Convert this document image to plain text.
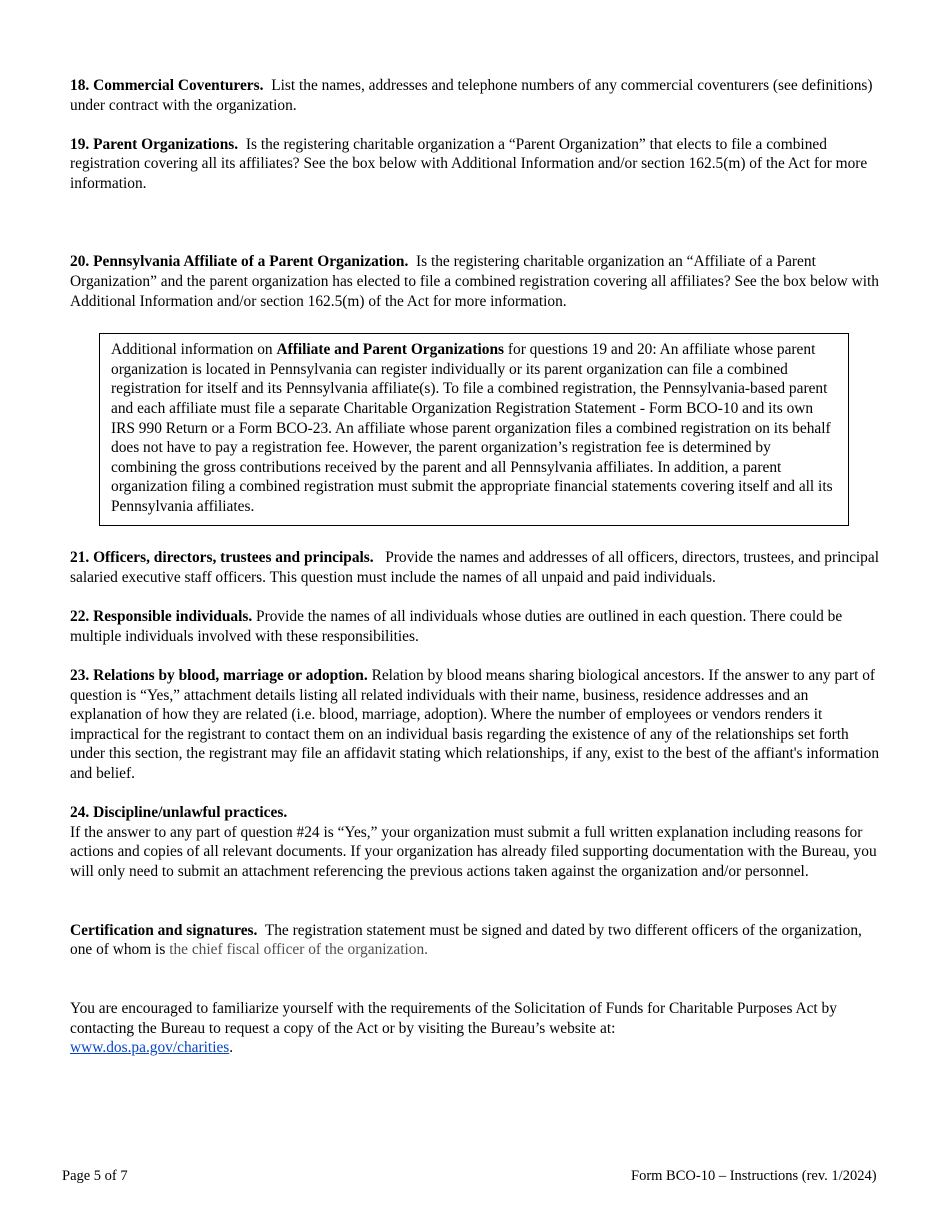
18. Commercial Coventurers. List the names, addresses and telephone numbers of any commercial coventurers (see definitions) under contract with the organization.

19. Parent Organizations. Is the registering charitable organization a “Parent Organization” that elects to file a combined registration covering all its affiliates? See the box below with Additional Information and/or section 162.5(m) of the Act for more information.

20. Pennsylvania Affiliate of a Parent Organization. Is the registering charitable organization an “Affiliate of a Parent Organization” and the parent organization has elected to file a combined registration covering all affiliates? See the box below with Additional Information and/or section 162.5(m) of the Act for more information.

Additional information on Affiliate and Parent Organizations for questions 19 and 20: An affiliate whose parent organization is located in Pennsylvania can register individually or its parent organization can file a combined registration for itself and its Pennsylvania affiliate(s). To file a combined registration, the Pennsylvania-based parent and each affiliate must file a separate Charitable Organization Registration Statement - Form BCO-10 and its own IRS 990 Return or a Form BCO-23. An affiliate whose parent organization files a combined registration on its behalf does not have to pay a registration fee. However, the parent organization’s registration fee is determined by combining the gross contributions received by the parent and all Pennsylvania affiliates. In addition, a parent organization filing a combined registration must submit the appropriate financial statements covering itself and all its Pennsylvania affiliates.

21. Officers, directors, trustees and principals. Provide the names and addresses of all officers, directors, trustees, and principal salaried executive staff officers. This question must include the names of all unpaid and paid individuals.

22. Responsible individuals. Provide the names of all individuals whose duties are outlined in each question. There could be multiple individuals involved with these responsibilities.

23. Relations by blood, marriage or adoption. Relation by blood means sharing biological ancestors. If the answer to any part of question is “Yes,” attachment details listing all related individuals with their name, business, residence addresses and an explanation of how they are related (i.e. blood, marriage, adoption). Where the number of employees or vendors renders it impractical for the registrant to contact them on an individual basis regarding the existence of any of the relationships set forth under this section, the registrant may file an affidavit stating which relationships, if any, exist to the best of the affiant's information and belief.

24. Discipline/unlawful practices.
If the answer to any part of question #24 is “Yes,” your organization must submit a full written explanation including reasons for actions and copies of all relevant documents. If your organization has already filed supporting documentation with the Bureau, you will only need to submit an attachment referencing the previous actions taken against the organization and/or personnel.

Certification and signatures. The registration statement must be signed and dated by two different officers of the organization, one of whom is the chief fiscal officer of the organization.

You are encouraged to familiarize yourself with the requirements of the Solicitation of Funds for Charitable Purposes Act by contacting the Bureau to request a copy of the Act or by visiting the Bureau’s website at:
www.dos.pa.gov/charities.

Page 5 of 7	Form BCO-10 – Instructions (rev. 1/2024)
